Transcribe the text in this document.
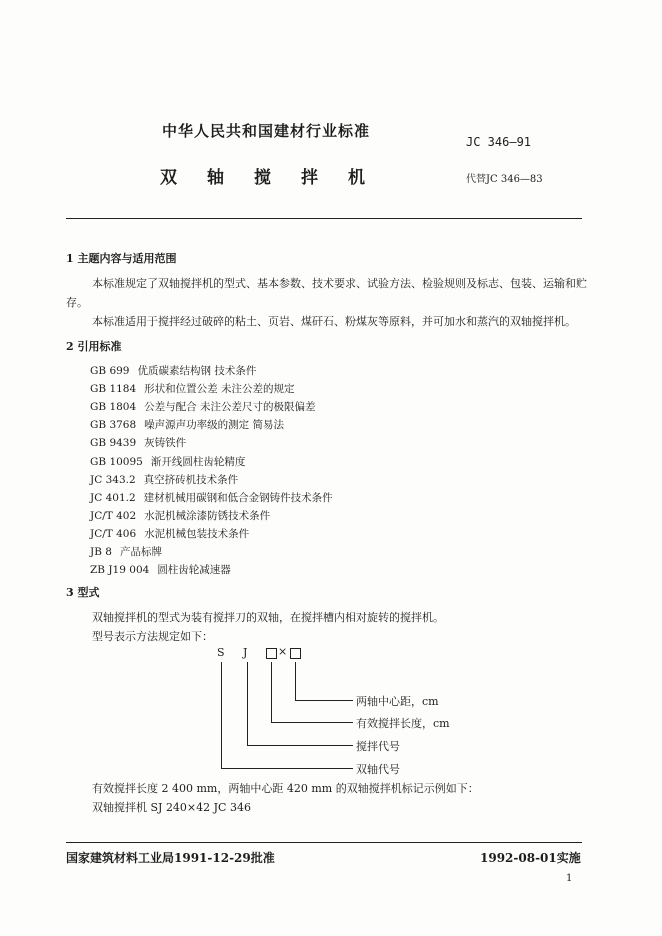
中华人民共和国建材行业标准
JC 346—91
双轴搅拌机	代替JC 346—83
1 主题内容与适用范围
本标准规定了双轴搅拌机的型式、基本参数、技术要求、试验方法、检验规则及标志、包装、运输和贮
存。
本标准适用于搅拌经过破碎的粘土、页岩、煤矸石、粉煤灰等原料，并可加水和蒸汽的双轴搅拌机。
2 引用标准
GB 699 优质碳素结构钢 技术条件
GB 1184 形状和位置公差 未注公差的规定
GB 1804 公差与配合 未注公差尺寸的极限偏差
GB 3768 噪声源声功率级的测定 简易法
GB 9439 灰铸铁件
GB 10095 渐开线圆柱齿轮精度
JC 343.2 真空挤砖机技术条件
JC 401.2 建材机械用碳钢和低合金钢铸件技术条件
JC/T 402 水泥机械涂漆防锈技术条件
JC/T 406 水泥机械包装技术条件
JB 8 产品标牌
ZB J19 004 圆柱齿轮减速器
3 型式
双轴搅拌机的型式为装有搅拌刀的双轴，在搅拌槽内相对旋转的搅拌机。
型号表示方法规定如下：
S J	×
两轴中心距，cm
有效搅拌长度，cm
搅拌代号
双轴代号
有效搅拌长度 2 400 mm，两轴中心距 420 mm 的双轴搅拌机标记示例如下：
双轴搅拌机 SJ 240×42 JC 346
国家建筑材料工业局1991-12-29批准	1992-08-01实施
1
